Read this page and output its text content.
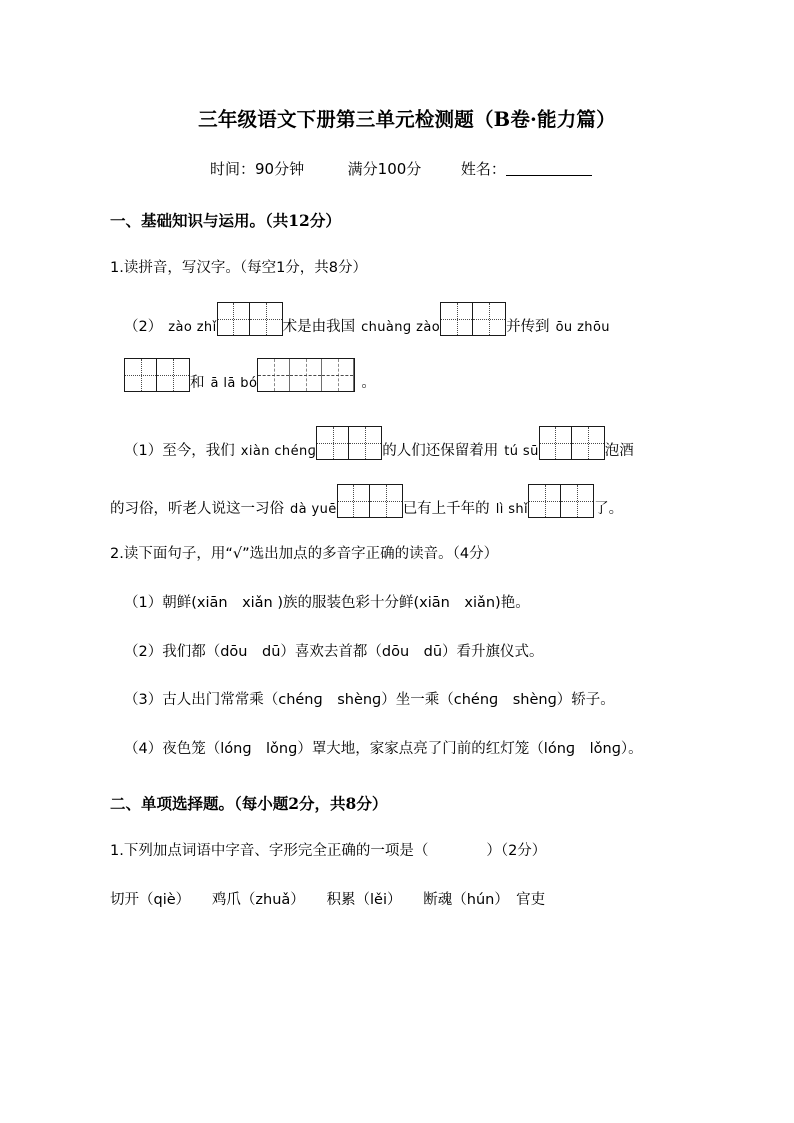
三年级语文下册第三单元检测题（B卷·能力篇）
时间：90分钟	满分100分	姓名：
一、基础知识与运用。（共12分）
1.读拼音，写汉字。（每空1分，共8分）
（2） zào zhǐ	术是由我国 chuànɡ zào	并传到 ōu zhōu
和 ā lā bó	。
（1）至今，我们 xiàn chénɡ	的人们还保留着用 tú sū	泡酒
的习俗，听老人说这一习俗 dà yuē	已有上千年的 lì shǐ	了。
2.读下面句子，用“√”选出加点的多音字正确的读音。（4分）
（1）朝鲜(xiān　xiǎn )族的服装色彩十分鲜(xiān　xiǎn)艳。
（2）我们都（dōu　dū）喜欢去首都（dōu　dū）看升旗仪式。
（3）古人出门常常乘（chénɡ　shènɡ）坐一乘（chénɡ　shènɡ）轿子。
（4）夜色笼（lónɡ　lǒnɡ）罩大地，家家点亮了门前的红灯笼（lónɡ　lǒnɡ）。
二、单项选择题。（每小题2分，共8分）
1.下列加点词语中字音、字形完全正确的一项是（　　　　）（2分）
切开（qiè）　　鸡爪（zhuǎ）　　积累（lěi）　　断魂（hún）　官吏
